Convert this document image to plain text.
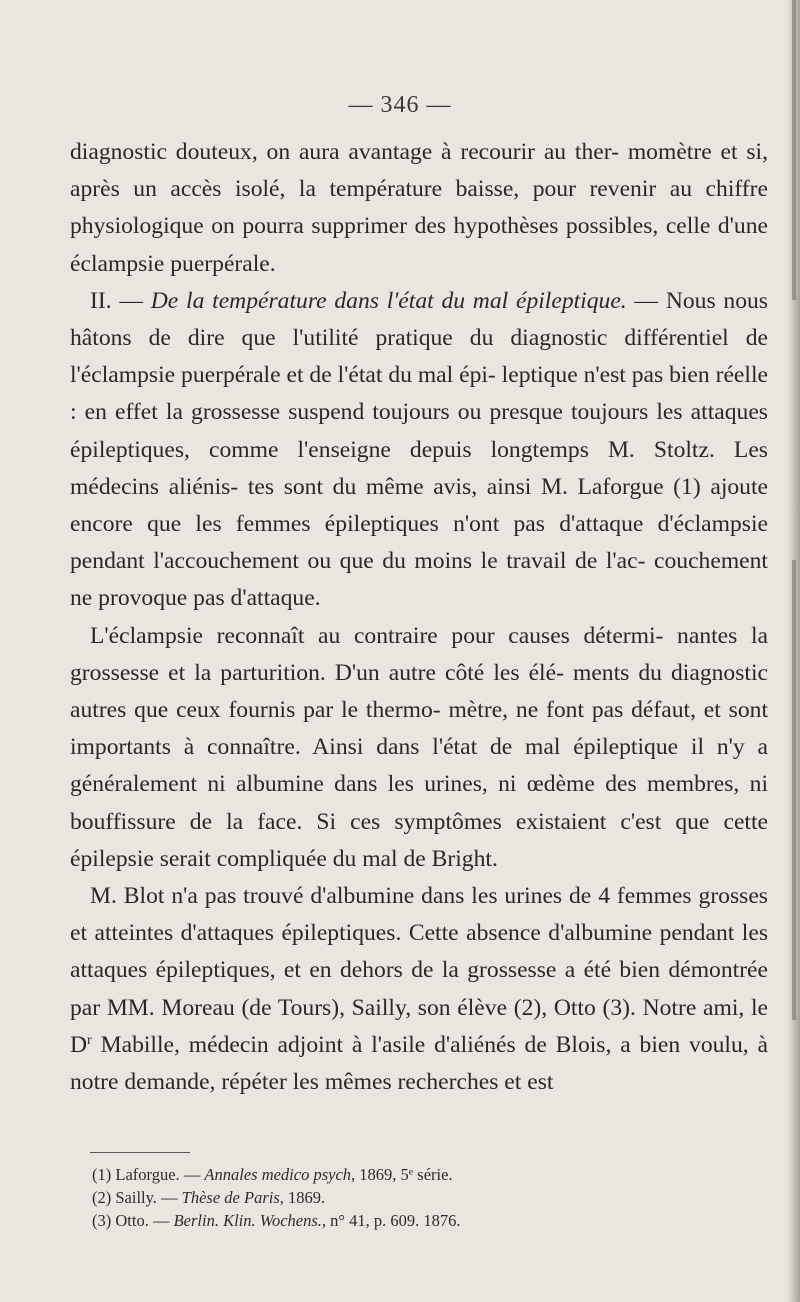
— 346 —

diagnostic douteux, on aura avantage à recourir au ther- momètre et si, après un accès isolé, la température baisse, pour revenir au chiffre physiologique on pourra supprimer des hypothèses possibles, celle d'une éclampsie puerpérale.

II. — De la température dans l'état du mal épileptique. — Nous nous hâtons de dire que l'utilité pratique du diagnostic différentiel de l'éclampsie puerpérale et de l'état du mal épi- leptique n'est pas bien réelle : en effet la grossesse suspend toujours ou presque toujours les attaques épileptiques, comme l'enseigne depuis longtemps M. Stoltz. Les médecins aliénis- tes sont du même avis, ainsi M. Laforgue (1) ajoute encore que les femmes épileptiques n'ont pas d'attaque d'éclampsie pendant l'accouchement ou que du moins le travail de l'ac- couchement ne provoque pas d'attaque.

L'éclampsie reconnaît au contraire pour causes détermi- nantes la grossesse et la parturition. D'un autre côté les élé- ments du diagnostic autres que ceux fournis par le thermo- mètre, ne font pas défaut, et sont importants à connaître. Ainsi dans l'état de mal épileptique il n'y a généralement ni albumine dans les urines, ni œdème des membres, ni bouffissure de la face. Si ces symptômes existaient c'est que cette épilepsie serait compliquée du mal de Bright.

M. Blot n'a pas trouvé d'albumine dans les urines de 4 femmes grosses et atteintes d'attaques épileptiques. Cette absence d'albumine pendant les attaques épileptiques, et en dehors de la grossesse a été bien démontrée par MM. Moreau (de Tours), Sailly, son élève (2), Otto (3). Notre ami, le $D^r$ Mabille, médecin adjoint à l'asile d'aliénés de Blois, a bien voulu, à notre demande, répéter les mêmes recherches et est

(1) Laforgue. — Annales medico psych, 1869, 5e série.
(2) Sailly. — Thèse de Paris, 1869.
(3) Otto. — Berlin. Klin. Wochens., n° 41, p. 609. 1876.
